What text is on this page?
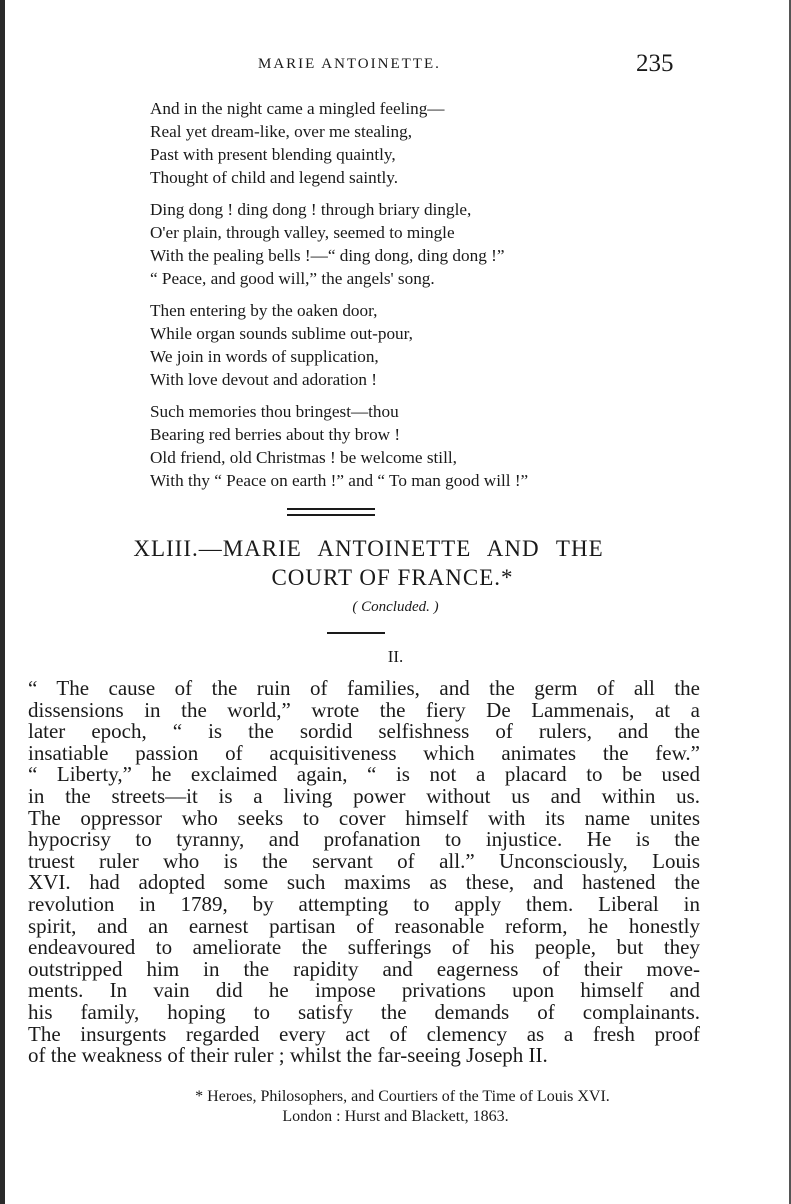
MARIE ANTOINETTE.	235
And in the night came a mingled feeling—
Real yet dream-like, over me stealing,
Past with present blending quaintly,
Thought of child and legend saintly.
Ding dong ! ding dong ! through briary dingle,
O'er plain, through valley, seemed to mingle
With the pealing bells !—“ ding dong, ding dong !”
“ Peace, and good will,” the angels' song.
Then entering by the oaken door,
While organ sounds sublime out-pour,
We join in words of supplication,
With love devout and adoration !
Such memories thou bringest—thou
Bearing red berries about thy brow !
Old friend, old Christmas ! be welcome still,
With thy “ Peace on earth !” and “ To man good will !”
XLIII.—MARIE ANTOINETTE AND THE
COURT OF FRANCE.*
( Concluded. )
II.
“ The cause of the ruin of families, and the germ of all the
dissensions in the world,” wrote the fiery De Lammenais, at a
later epoch, “ is the sordid selfishness of rulers, and the
insatiable passion of acquisitiveness which animates the few.”
“ Liberty,” he exclaimed again, “ is not a placard to be used
in the streets—it is a living power without us and within us.
The oppressor who seeks to cover himself with its name unites
hypocrisy to tyranny, and profanation to injustice. He is the
truest ruler who is the servant of all.” Unconsciously, Louis
XVI. had adopted some such maxims as these, and hastened the
revolution in 1789, by attempting to apply them. Liberal in
spirit, and an earnest partisan of reasonable reform, he honestly
endeavoured to ameliorate the sufferings of his people, but they
outstripped him in the rapidity and eagerness of their move-
ments. In vain did he impose privations upon himself and
his family, hoping to satisfy the demands of complainants.
The insurgents regarded every act of clemency as a fresh proof
of the weakness of their ruler ; whilst the far-seeing Joseph II.
* Heroes, Philosophers, and Courtiers of the Time of Louis XVI.
London : Hurst and Blackett, 1863.
